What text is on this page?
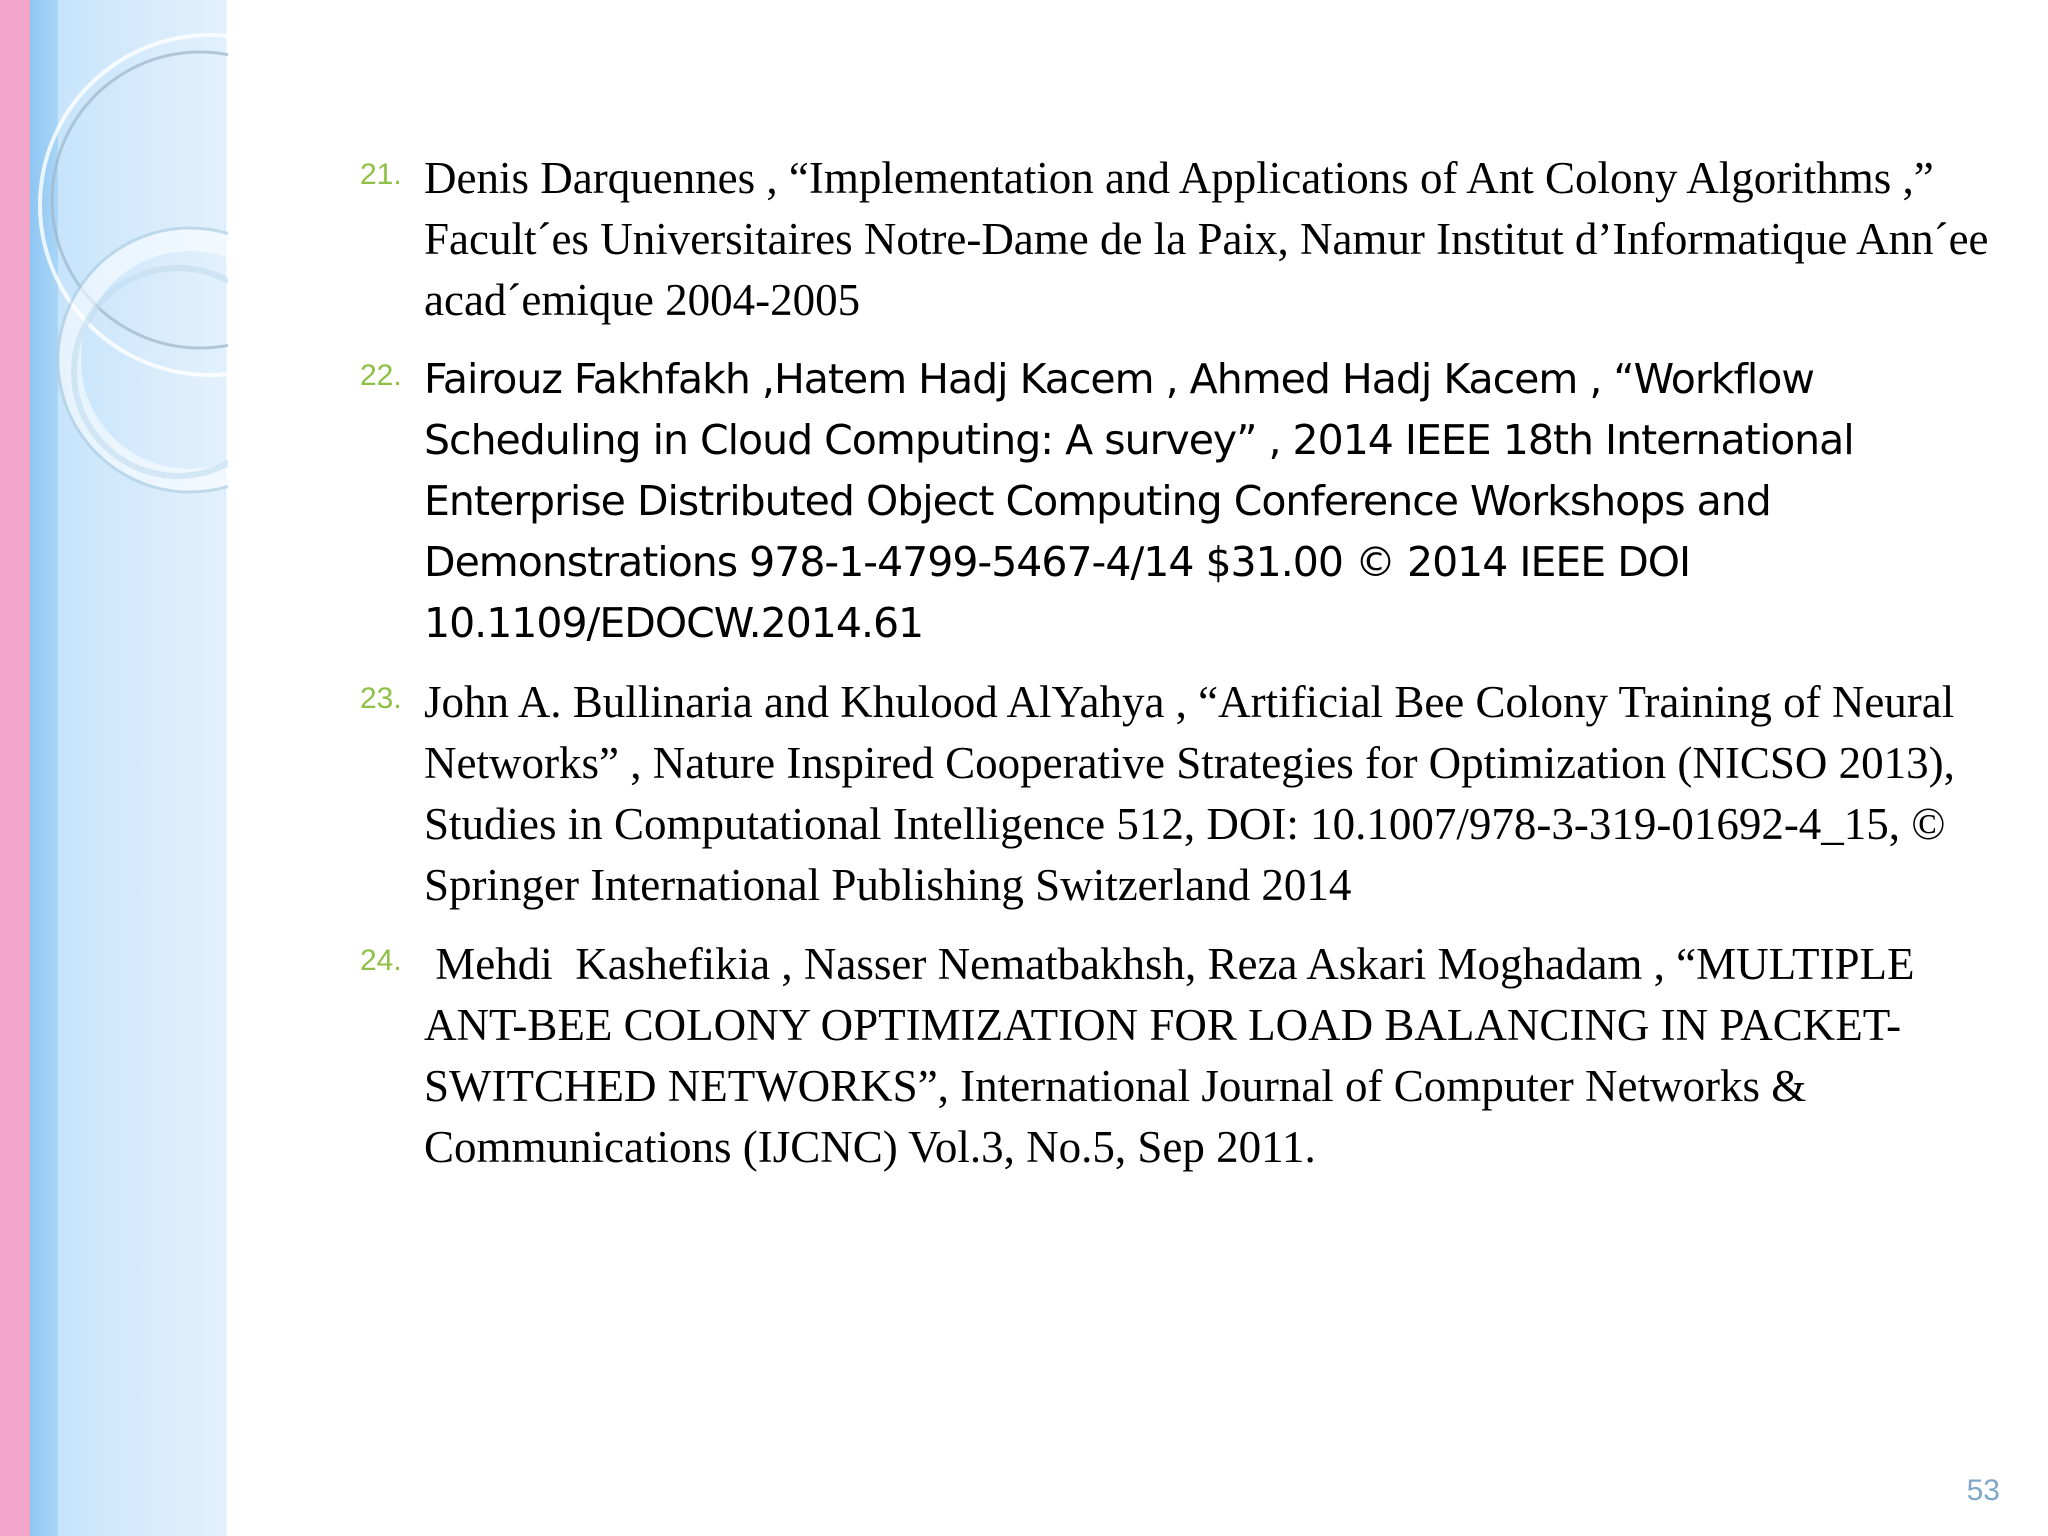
21. Denis Darquennes , “Implementation and Applications of Ant Colony Algorithms ,” Facult´es Universitaires Notre-Dame de la Paix, Namur Institut d’Informatique Ann´ee acad´emique 2004-2005
22. Fairouz Fakhfakh ,Hatem Hadj Kacem , Ahmed Hadj Kacem , “Workflow Scheduling in Cloud Computing: A survey” , 2014 IEEE 18th International Enterprise Distributed Object Computing Conference Workshops and Demonstrations 978-1-4799-5467-4/14 $31.00 © 2014 IEEE DOI 10.1109/EDOCW.2014.61
23. John A. Bullinaria and Khulood AlYahya , “Artificial Bee Colony Training of Neural Networks” , Nature Inspired Cooperative Strategies for Optimization (NICSO 2013), Studies in Computational Intelligence 512, DOI: 10.1007/978-3-319-01692-4_15, © Springer International Publishing Switzerland 2014
24. Mehdi  Kashefikia , Nasser Nematbakhsh, Reza Askari Moghadam , “MULTIPLE ANT-BEE COLONY OPTIMIZATION FOR LOAD BALANCING IN PACKET-SWITCHED NETWORKS”, International Journal of Computer Networks & Communications (IJCNC) Vol.3, No.5, Sep 2011.
53
